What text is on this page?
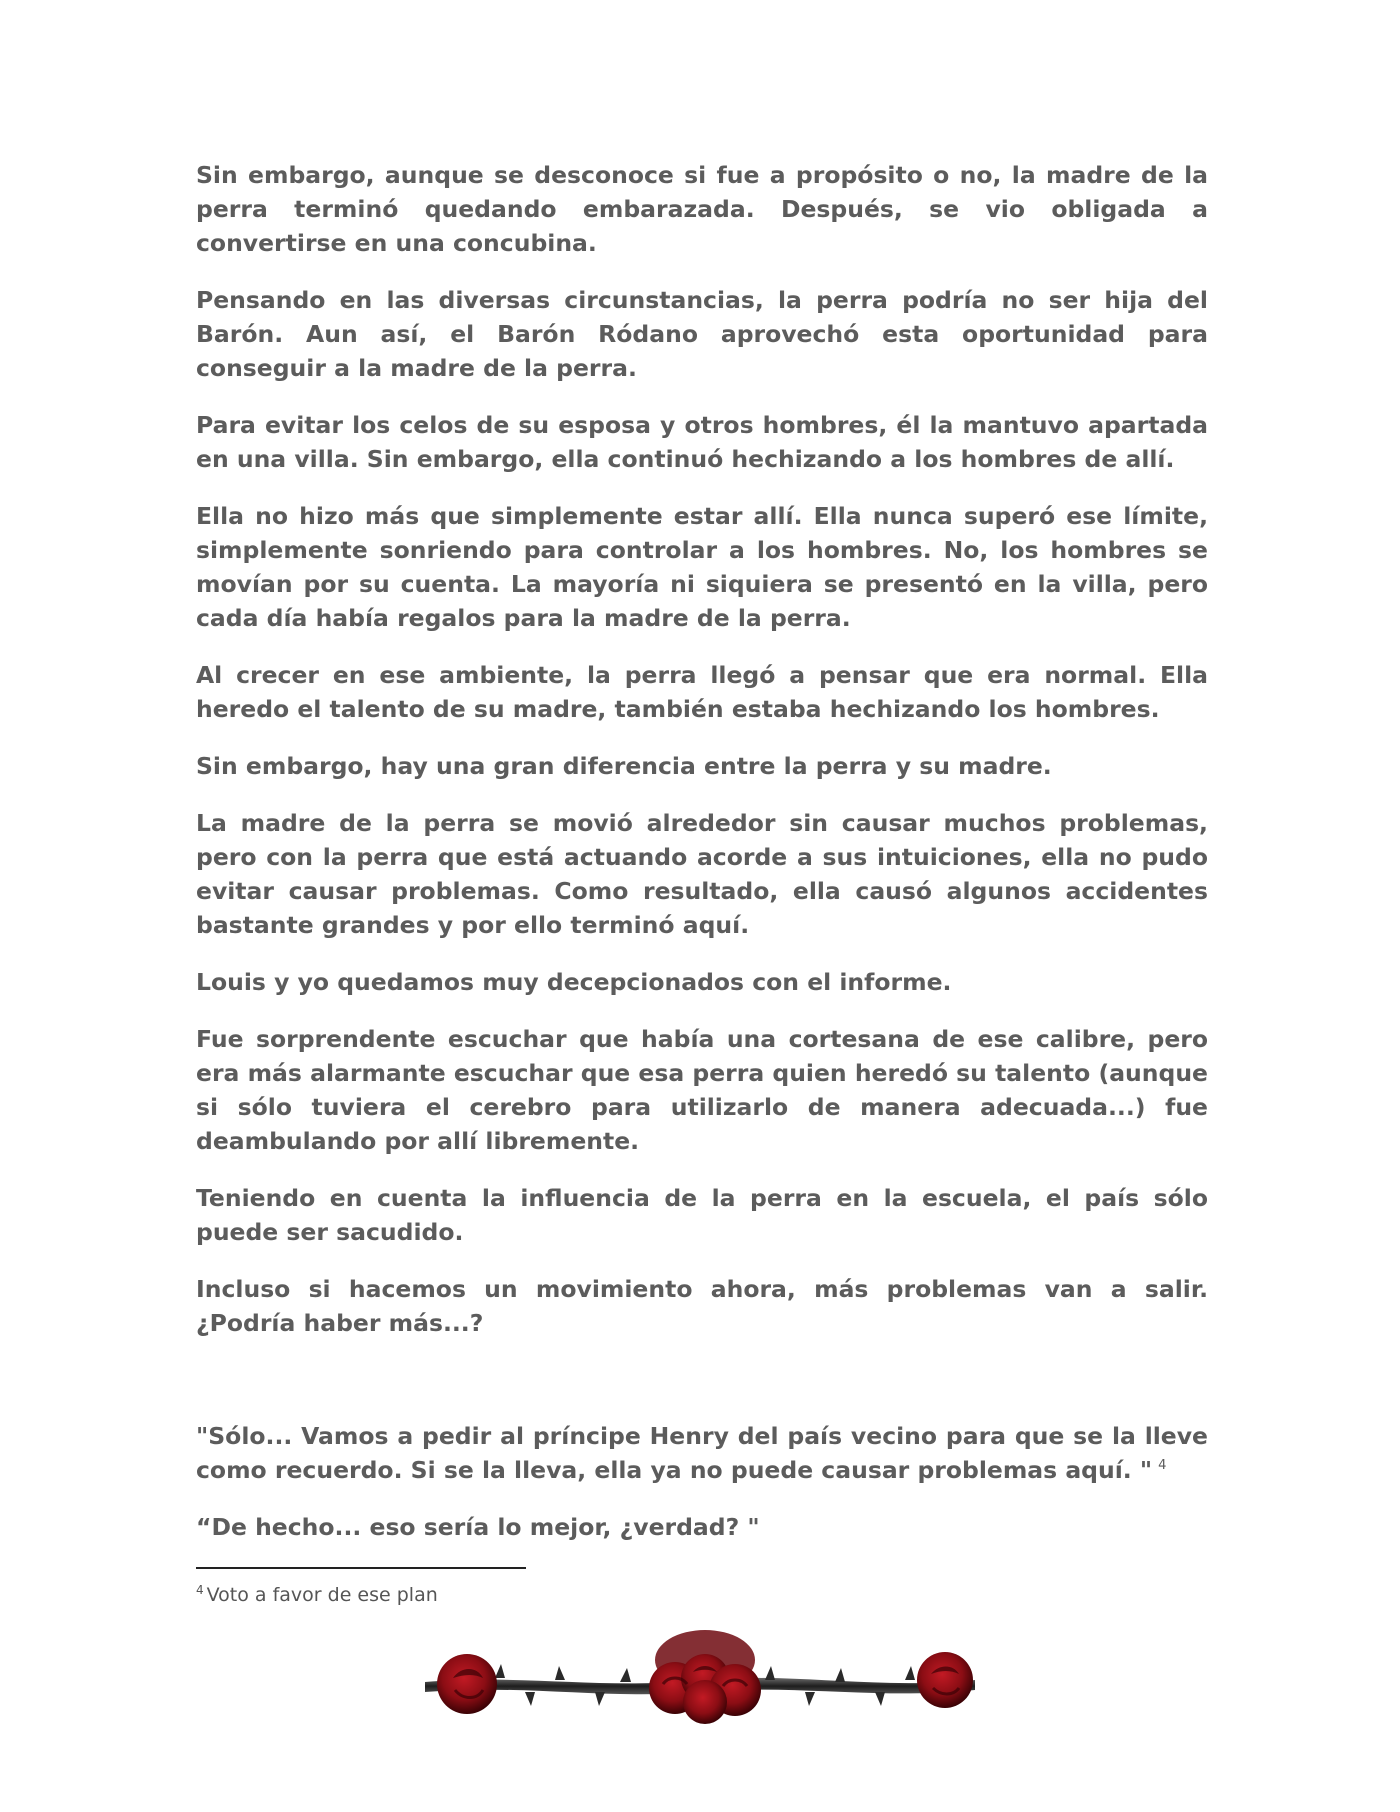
Sin embargo, aunque se desconoce si fue a propósito o no, la madre de la perra terminó quedando embarazada. Después, se vio obligada a convertirse en una concubina.

Pensando en las diversas circunstancias, la perra podría no ser hija del Barón. Aun así, el Barón Ródano aprovechó esta oportunidad para conseguir a la madre de la perra.

Para evitar los celos de su esposa y otros hombres, él la mantuvo apartada en una villa. Sin embargo, ella continuó hechizando a los hombres de allí.

Ella no hizo más que simplemente estar allí. Ella nunca superó ese límite, simplemente sonriendo para controlar a los hombres. No, los hombres se movían por su cuenta. La mayoría ni siquiera se presentó en la villa, pero cada día había regalos para la madre de la perra.

Al crecer en ese ambiente, la perra llegó a pensar que era normal. Ella heredo el talento de su madre, también estaba hechizando los hombres.

Sin embargo, hay una gran diferencia entre la perra y su madre.

La madre de la perra se movió alrededor sin causar muchos problemas, pero con la perra que está actuando acorde a sus intuiciones, ella no pudo evitar causar problemas. Como resultado, ella causó algunos accidentes bastante grandes y por ello terminó aquí.

Louis y yo quedamos muy decepcionados con el informe.

Fue sorprendente escuchar que había una cortesana de ese calibre, pero era más alarmante escuchar que esa perra quien heredó su talento (aunque si sólo tuviera el cerebro para utilizarlo de manera adecuada...) fue deambulando por allí libremente.

Teniendo en cuenta la influencia de la perra en la escuela, el país sólo puede ser sacudido.

Incluso si hacemos un movimiento ahora, más problemas van a salir. ¿Podría haber más...?

"Sólo... Vamos a pedir al príncipe Henry del país vecino para que se la lleve como recuerdo. Si se la lleva, ella ya no puede causar problemas aquí. " $^4$

“De hecho... eso sería lo mejor, ¿verdad? "

$^4$ Voto a favor de ese plan
